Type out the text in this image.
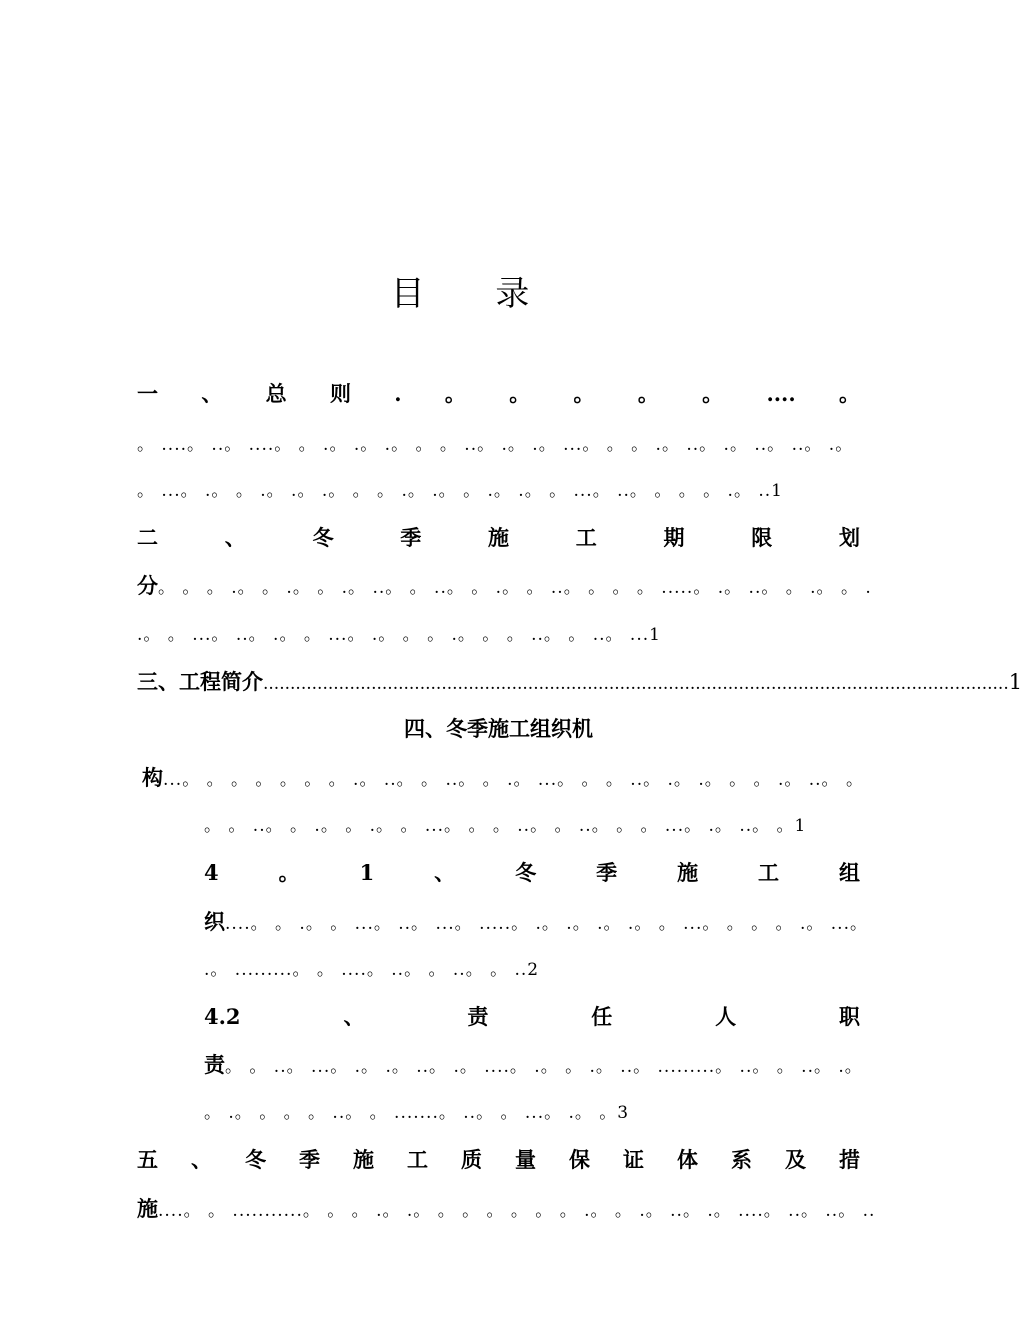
目 录
一 、 总 则 . 。 。 。 。 。 .... 。
。 ....。 ..。 ....。 。 .。 .。 .。 。 。 ..。 .。 .。 ...。 。 。 .。 ..。 .。 ..。 ..。 .。
。 ...。 .。 。 .。 .。 .。 。 。 .。 .。 。 .。 .。 。 ...。 ..。 。 。 。 .。 ..1
二	、	冬	季	施	工	期	限	划
分。 。 。 .。 。 .。 。 .。 ..。 。 ..。 。 .。 。 ..。 。 。 。 .....。 .。 ..。 。 .。 。 .
.。 。 ...。 ..。 .。 。 ...。 .。 。 。 .。 。 。 ..。 。 ..。 ...1
三、工程简介 .......................................................................................................................................... 1
四、冬季施工组织机
构...。 。 。 。 。 。 。 .。 ..。 。 ..。 。 .。 ...。 。 。 ..。 .。 .。 。 。 .。 ..。 。
。 。 ..。 。 .。 。 .。 。 ...。 。 。 ..。 。 ..。 。 。 ...。 .。 ..。 。1
4	。	1	、	冬	季	施	工	组
织....。 。 .。 。 ...。 ..。 ...。 .....。 .。 .。 .。 .。 。 ...。 。 。 。 .。 ...。
.。 .........。 。 ....。 ..。 。 ..。 。 ..2
4.2	、	责	任	人	职
责。 。 ..。 ...。 .。 .。 ..。 .。 ....。 .。 。 .。 ..。 .........。 ..。 。 ..。 .。
。 .。 。 。 。 ..。 。 .......。 ..。 。 ...。 .。 。3
五 、 冬 季 施 工 质 量 保 证 体 系 及 措
施....。 。 ...........。 。 。 .。 .。 。 。 。 。 。 。 .。 。 .。 ..。 .。 ....。 ..。 ..。 ..
